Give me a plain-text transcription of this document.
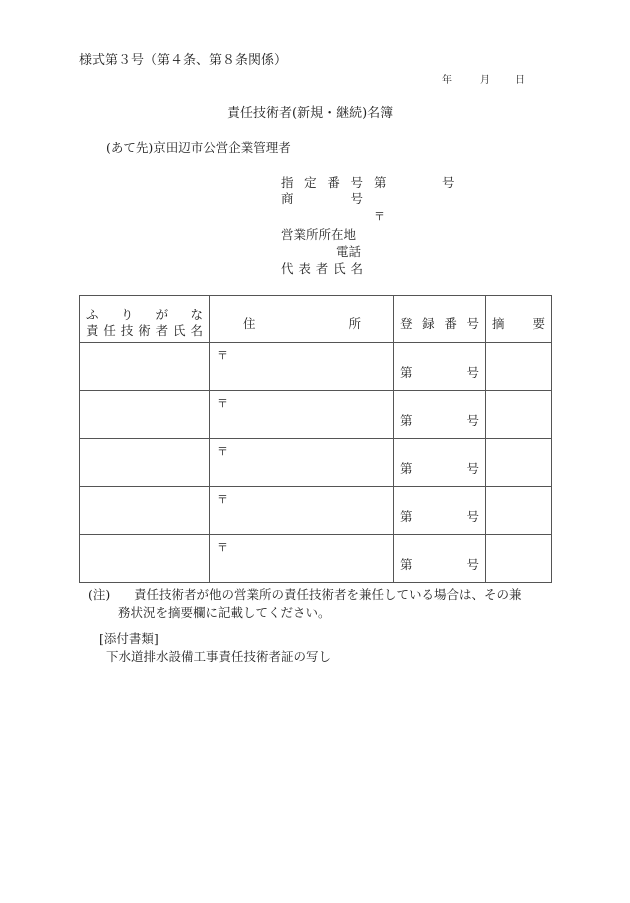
様式第３号（第４条、第８条関係）
年	月	日
責任技術者(新規・継続)名簿
(あて先)京田辺市公営企業管理者
指 定 番 号 第	号
商	号
〒
営業所所在地
電話
代 表 者 氏 名
ふ り が な
責 任 技 術 者 氏 名	住	所	登 録 番 号	摘 要

	〒	第 号	

	〒	第 号	

	〒	第 号	

	〒	第 号	

	〒	第 号	

(注) 責任技術者が他の営業所の責任技術者を兼任している場合は、その兼
務状況を摘要欄に記載してください。
[添付書類]
下水道排水設備工事責任技術者証の写し
